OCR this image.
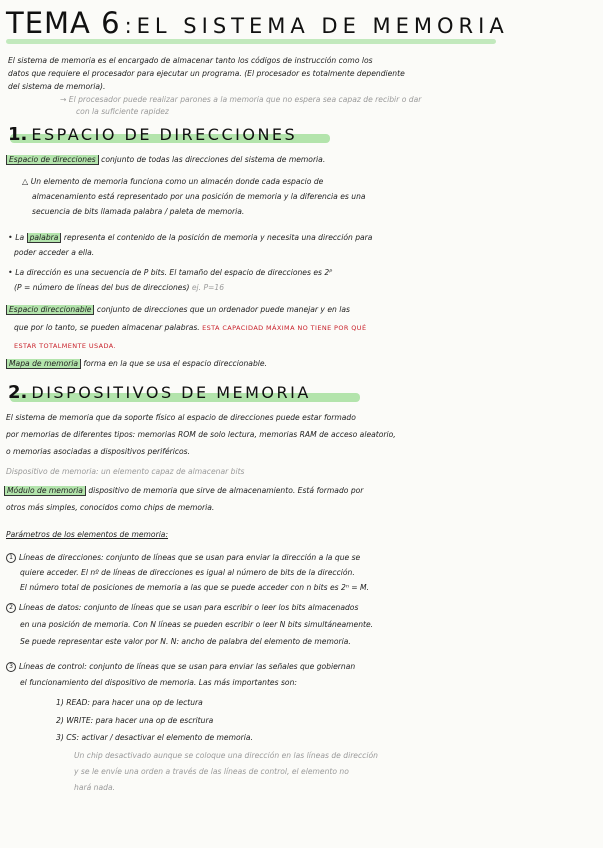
TEMA 6 :EL SISTEMA DE MEMORIA
El sistema de memoria es el encargado de almacenar tanto los códigos de instrucción como los
datos que requiere el procesador para ejecutar un programa. (El procesador es totalmente dependiente
del sistema de memoria).
→ El procesador puede realizar parones a la memoria que no espera sea capaz de recibir o dar
con la suficiente rapidez
1. ESPACIO DE DIRECCIONES
Espacio de direcciones conjunto de todas las direcciones del sistema de memoria.
△ Un elemento de memoria funciona como un almacén donde cada espacio de
almacenamiento está representado por una posición de memoria y la diferencia es una
secuencia de bits llamada palabra / paleta de memoria.
• La palabra representa el contenido de la posición de memoria y necesita una dirección para
poder acceder a ella.
• La dirección es una secuencia de P bits. El tamaño del espacio de direcciones es 2ᴾ
(P = número de líneas del bus de direcciones) ej. P=16
Espacio direccionable conjunto de direcciones que un ordenador puede manejar y en las
que por lo tanto, se pueden almacenar palabras. ESTA CAPACIDAD MÁXIMA NO TIENE POR QUÉ
ESTAR TOTALMENTE USADA.
Mapa de memoria forma en la que se usa el espacio direccionable.
2. DISPOSITIVOS DE MEMORIA
El sistema de memoria que da soporte físico al espacio de direcciones puede estar formado
por memorias de diferentes tipos: memorias ROM de solo lectura, memorias RAM de acceso aleatorio,
o memorias asociadas a dispositivos periféricos.
Dispositivo de memoria: un elemento capaz de almacenar bits
Módulo de memoria dispositivo de memoria que sirve de almacenamiento. Está formado por
otros más simples, conocidos como chips de memoria.
Parámetros de los elementos de memoria:
1 Líneas de direcciones: conjunto de líneas que se usan para enviar la dirección a la que se
quiere acceder. El nº de líneas de direcciones es igual al número de bits de la dirección.
El número total de posiciones de memoria a las que se puede acceder con n bits es 2ⁿ = M.
2 Líneas de datos: conjunto de líneas que se usan para escribir o leer los bits almacenados
en una posición de memoria. Con N líneas se pueden escribir o leer N bits simultáneamente.
Se puede representar este valor por N. N: ancho de palabra del elemento de memoria.
3 Líneas de control: conjunto de líneas que se usan para enviar las señales que gobiernan
el funcionamiento del dispositivo de memoria. Las más importantes son:
1) READ: para hacer una op de lectura
2) WRITE: para hacer una op de escritura
3) CS: activar / desactivar el elemento de memoria.
Un chip desactivado aunque se coloque una dirección en las líneas de dirección
y se le envíe una orden a través de las líneas de control, el elemento no
hará nada.
